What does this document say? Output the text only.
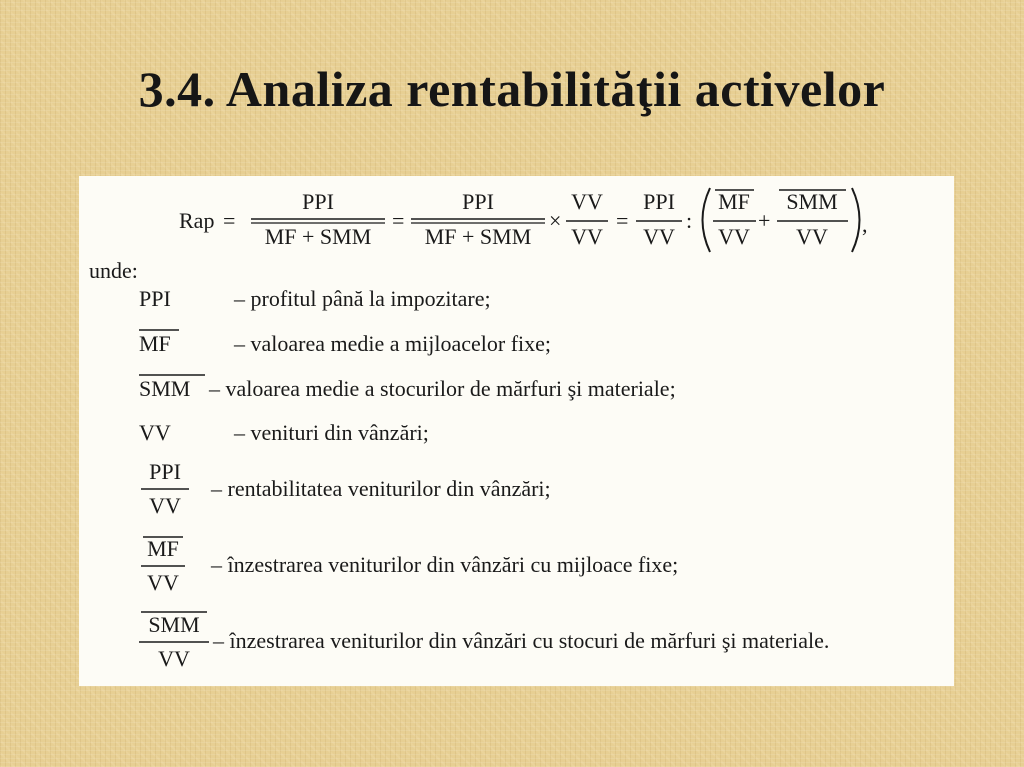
3.4. Analiza rentabilităţii activelor
Rap =
PPI
MF + SMM
=
PPI
MF + SMM
×
VV
VV
=
PPI
VV
:
MF
VV
+
SMM
VV ,
unde:
PPI	– profitul până la impozitare;
MF	– valoarea medie a mijloacelor fixe;
SMM – valoarea medie a stocurilor de mărfuri şi materiale;
VV	– venituri din vânzări;
PPI
VV
– rentabilitatea veniturilor din vânzări;
MF
VV
– înzestrarea veniturilor din vânzări cu mijloace fixe;
SMM
VV
– înzestrarea veniturilor din vânzări cu stocuri de mărfuri şi materiale.
